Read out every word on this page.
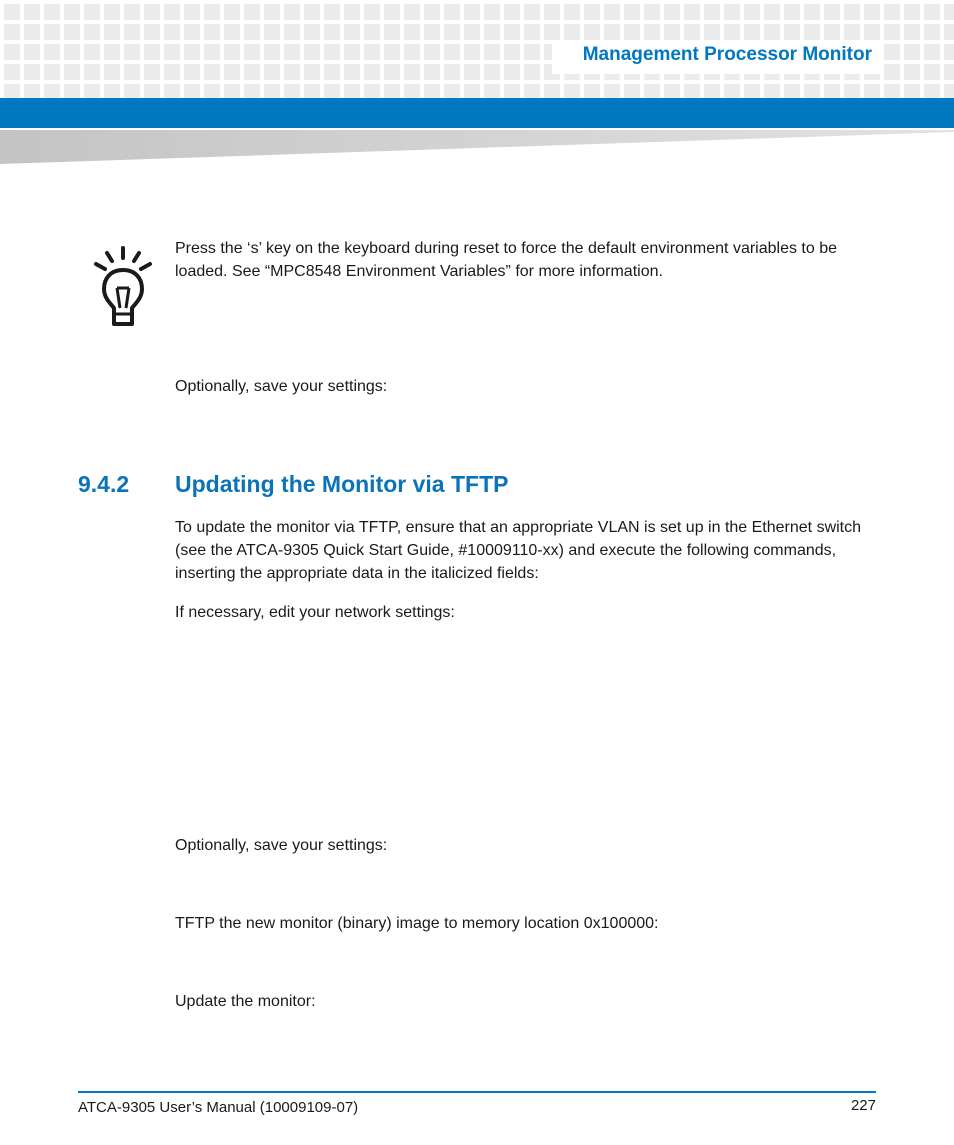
Management Processor Monitor
Press the ‘s’ key on the keyboard during reset to force the default environment variables to be loaded. See “MPC8548 Environment Variables” for more information.
Optionally, save your settings:
9.4.2 Updating the Monitor via TFTP
To update the monitor via TFTP, ensure that an appropriate VLAN is set up in the Ethernet switch (see the ATCA-9305 Quick Start Guide, #10009110-xx) and execute the following commands, inserting the appropriate data in the italicized fields:
If necessary, edit your network settings:
Optionally, save your settings:
TFTP the new monitor (binary) image to memory location 0x100000:
Update the monitor:
ATCA-9305 User’s Manual (10009109-07)	227
